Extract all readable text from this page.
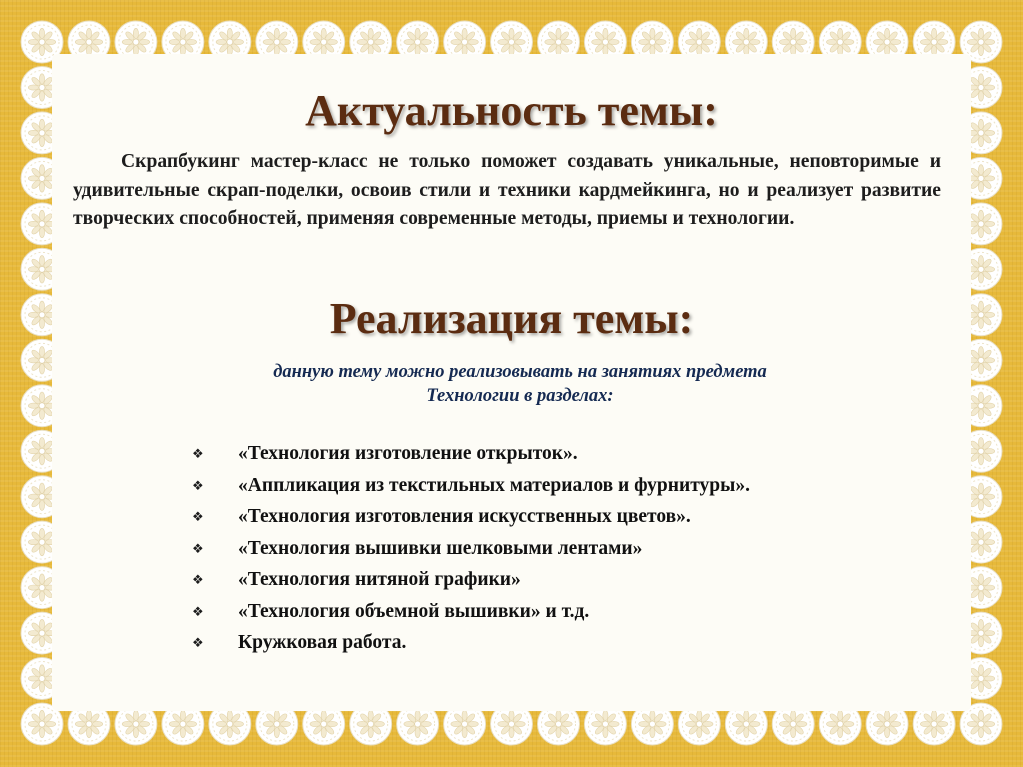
Актуальность темы:

Скрапбукинг мастер-класс не только поможет создавать уникальные, неповторимые и удивительные скрап-поделки, освоив стили и техники кардмейкинга, но и реализует развитие творческих способностей, применяя современные методы, приемы и технологии.

Реализация темы:
данную тему можно реализовывать на занятиях предмета
Технологии в разделах:
❖	«Технология изготовление открыток».
❖	«Аппликация из текстильных материалов и фурнитуры».
❖	«Технология изготовления искусственных цветов».
❖	«Технология вышивки шелковыми лентами»
❖	«Технология нитяной графики»
❖	«Технология объемной вышивки» и т.д.
❖	Кружковая работа.
